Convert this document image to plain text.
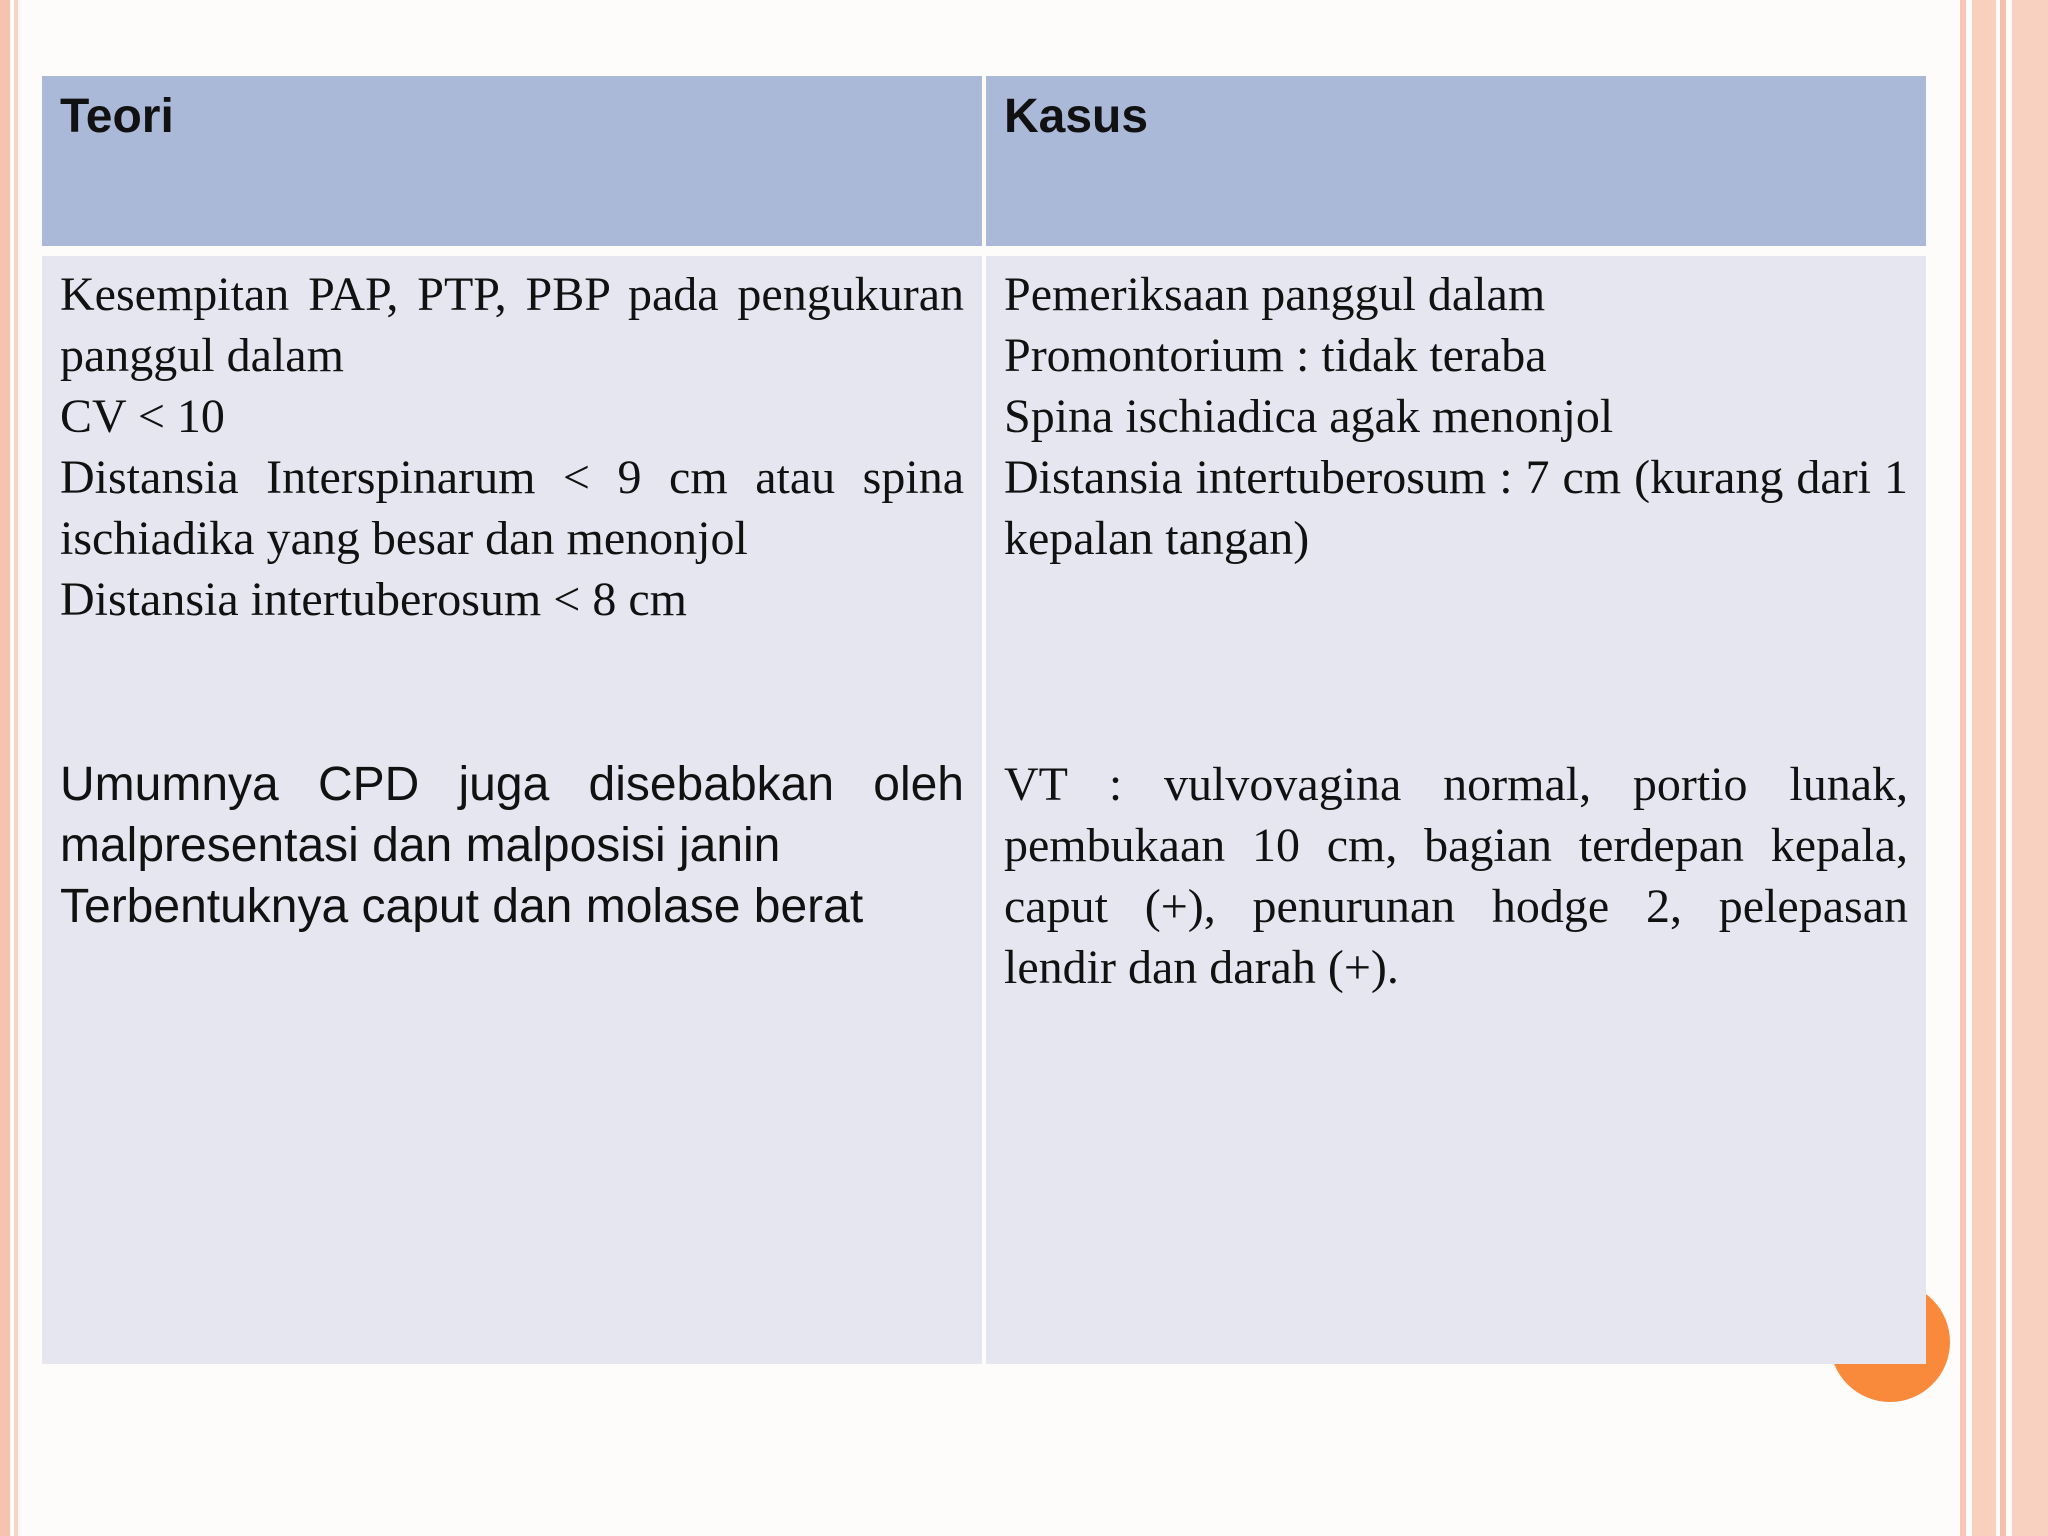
Teori	Kasus

Kesempitan PAP, PTP, PBP pada pengukuran panggul dalam

CV < 10

Distansia Interspinarum < 9 cm atau spina ischiadika yang besar dan menonjol

Distansia intertuberosum < 8 cm

Umumnya CPD juga disebabkan oleh malpresentasi dan malposisi janin

Terbentuknya caput dan molase berat

Pemeriksaan panggul dalam

Promontorium : tidak teraba

Spina ischiadica agak menonjol

Distansia intertuberosum : 7 cm (kurang dari 1 kepalan tangan)

VT : vulvovagina normal, portio lunak, pembukaan 10 cm, bagian terdepan kepala, caput (+), penurunan hodge 2, pelepasan lendir dan darah (+).
